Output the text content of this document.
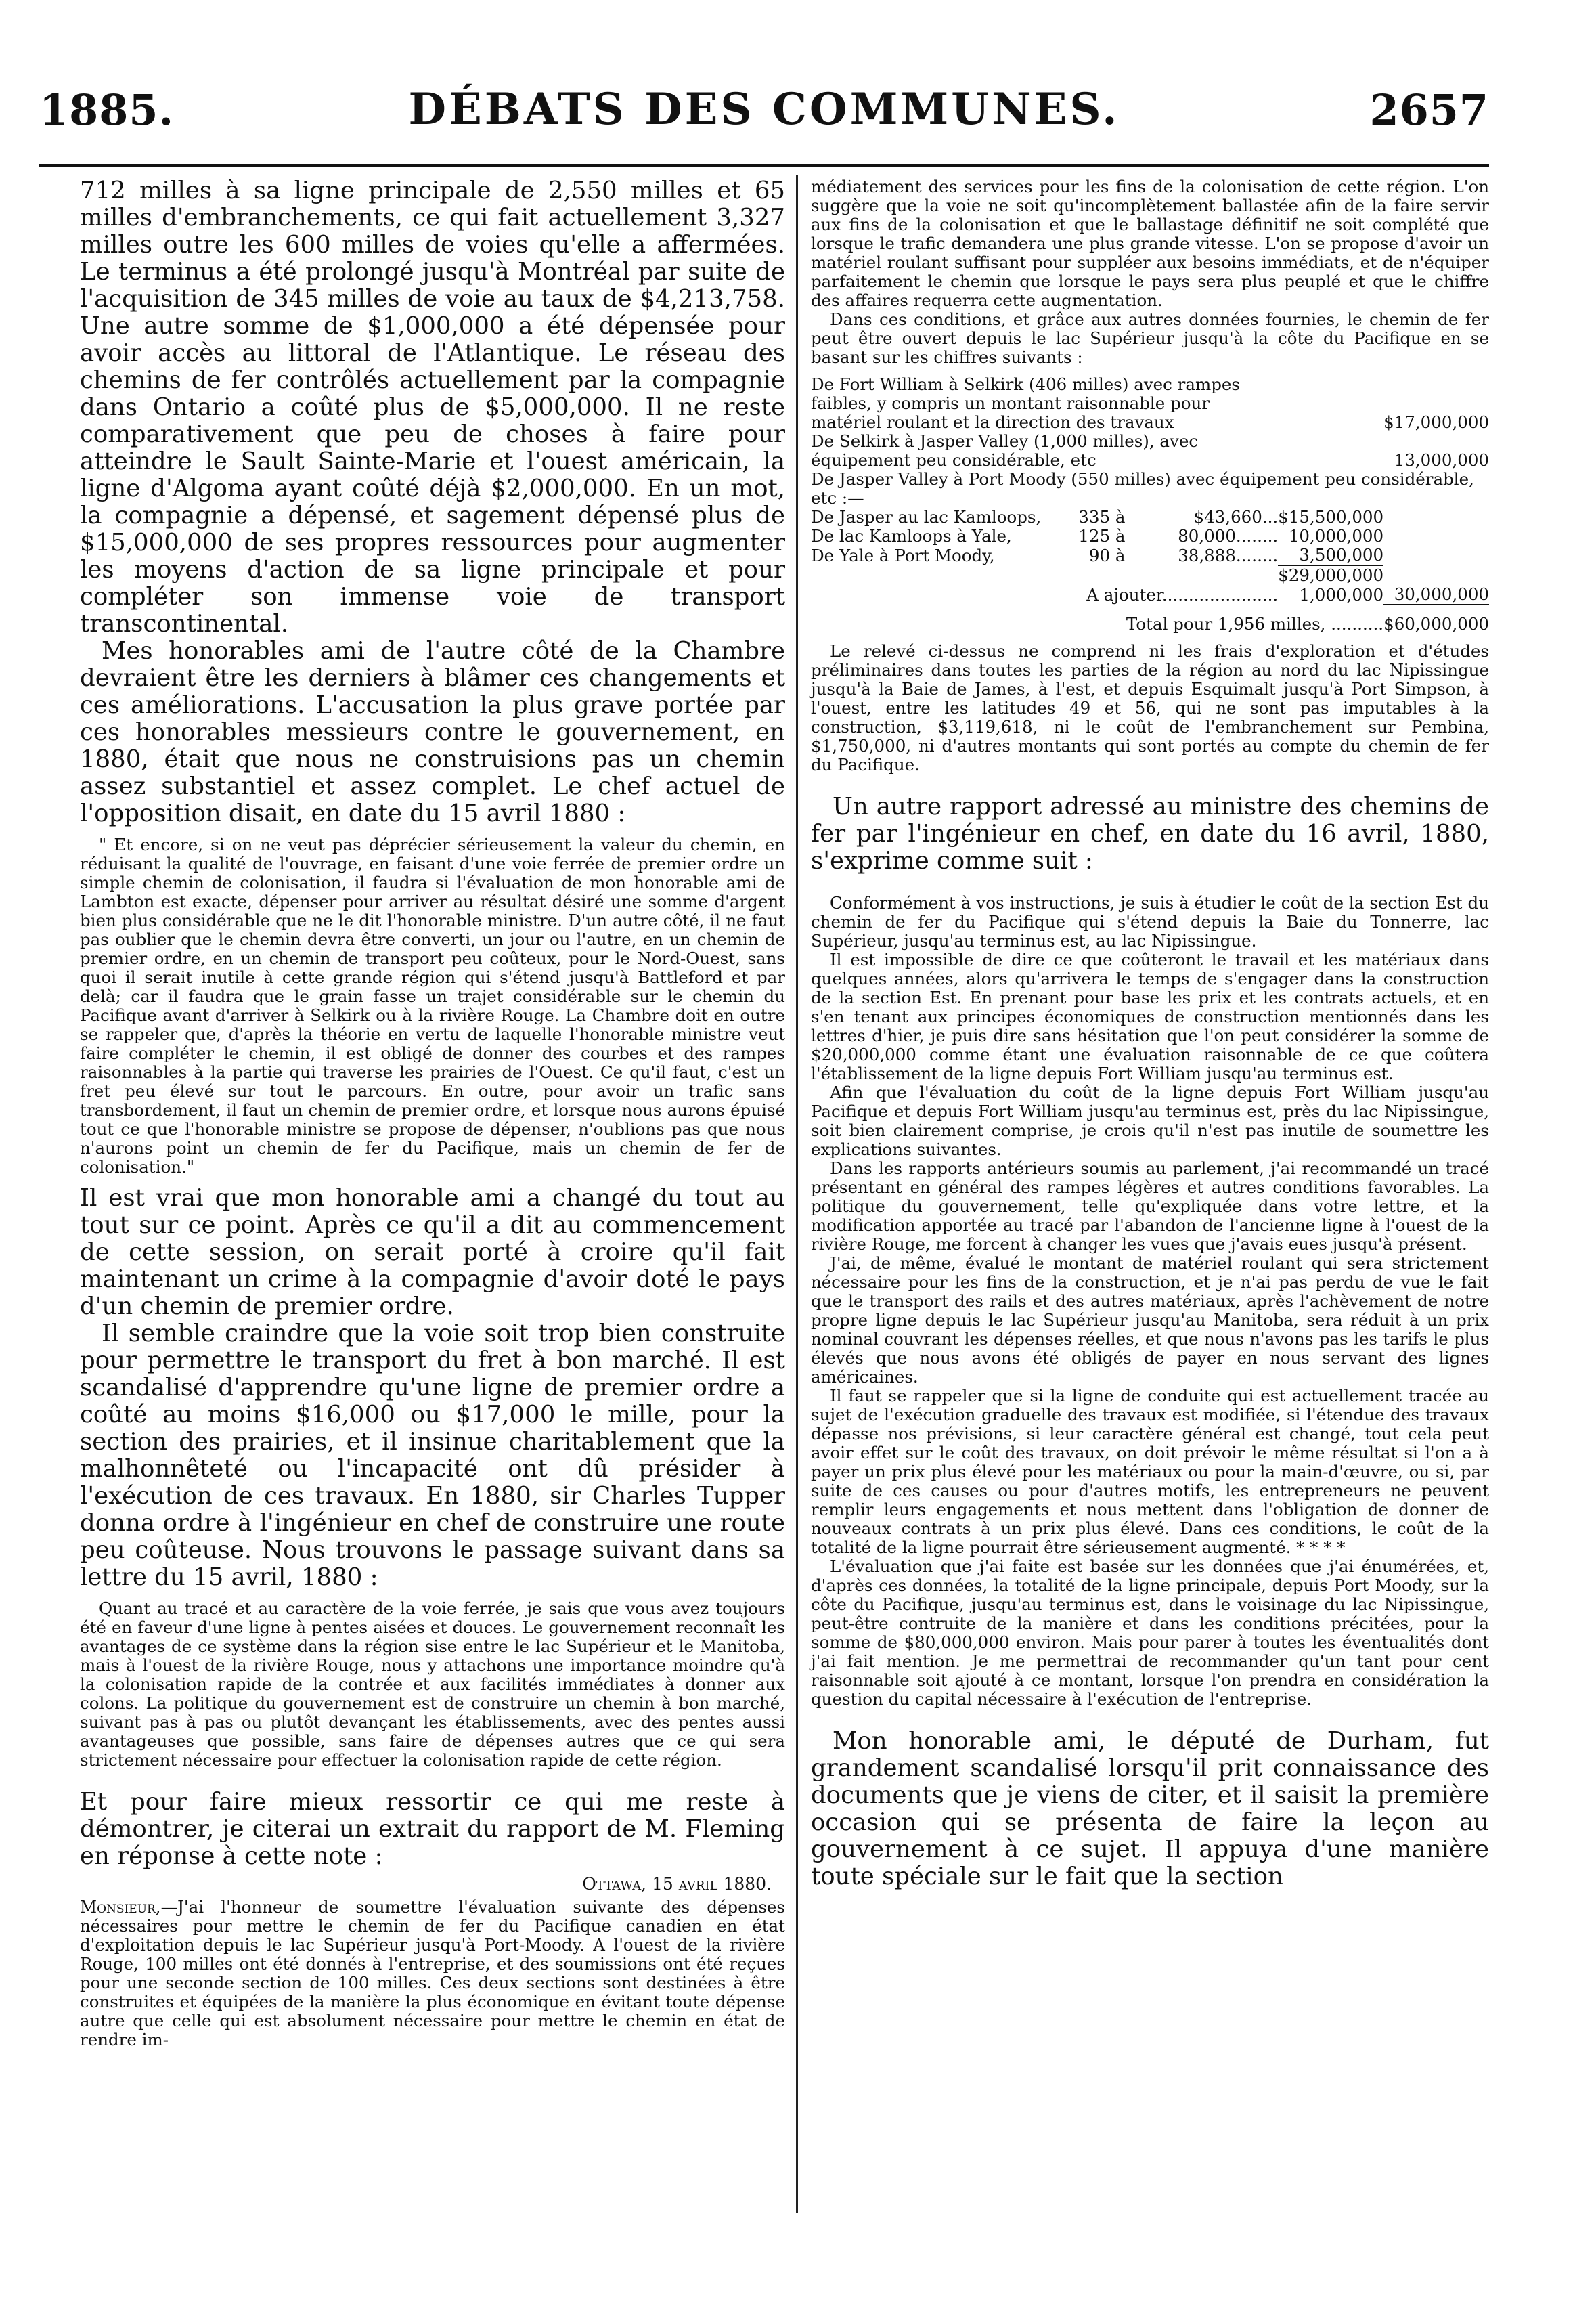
1885.	DÉBATS DES COMMUNES.	2657

712 milles à sa ligne principale de 2,550 milles et 65 milles d'embranchements, ce qui fait actuellement 3,327 milles outre les 600 milles de voies qu'elle a affermées. Le terminus a été prolongé jusqu'à Montréal par suite de l'acquisition de 345 milles de voie au taux de $4,213,758. Une autre somme de $1,000,000 a été dépensée pour avoir accès au littoral de l'Atlantique. Le réseau des chemins de fer contrôlés actuellement par la compagnie dans Ontario a coûté plus de $5,000,000. Il ne reste comparativement que peu de choses à faire pour atteindre le Sault Sainte-Marie et l'ouest américain, la ligne d'Algoma ayant coûté déjà $2,000,000. En un mot, la compagnie a dépensé, et sagement dépensé plus de $15,000,000 de ses propres ressources pour augmenter les moyens d'action de sa ligne principale et pour compléter son immense voie de transport transcontinental.

Mes honorables ami de l'autre côté de la Chambre devraient être les derniers à blâmer ces changements et ces améliorations. L'accusation la plus grave portée par ces honorables messieurs contre le gouvernement, en 1880, était que nous ne construisions pas un chemin assez substantiel et assez complet. Le chef actuel de l'opposition disait, en date du 15 avril 1880 :

" Et encore, si on ne veut pas déprécier sérieusement la valeur du chemin, en réduisant la qualité de l'ouvrage, en faisant d'une voie ferrée de premier ordre un simple chemin de colonisation, il faudra si l'évaluation de mon honorable ami de Lambton est exacte, dépenser pour arriver au résultat désiré une somme d'argent bien plus considérable que ne le dit l'honorable ministre. D'un autre côté, il ne faut pas oublier que le chemin devra être converti, un jour ou l'autre, en un chemin de premier ordre, en un chemin de transport peu coûteux, pour le Nord-Ouest, sans quoi il serait inutile à cette grande région qui s'étend jusqu'à Battleford et par delà; car il faudra que le grain fasse un trajet considérable sur le chemin du Pacifique avant d'arriver à Selkirk ou à la rivière Rouge. La Chambre doit en outre se rappeler que, d'après la théorie en vertu de laquelle l'honorable ministre veut faire compléter le chemin, il est obligé de donner des courbes et des rampes raisonnables à la partie qui traverse les prairies de l'Ouest. Ce qu'il faut, c'est un fret peu élevé sur tout le parcours. En outre, pour avoir un trafic sans transbordement, il faut un chemin de premier ordre, et lorsque nous aurons épuisé tout ce que l'honorable ministre se propose de dépenser, n'oublions pas que nous n'aurons point un chemin de fer du Pacifique, mais un chemin de fer de colonisation."

Il est vrai que mon honorable ami a changé du tout au tout sur ce point. Après ce qu'il a dit au commencement de cette session, on serait porté à croire qu'il fait maintenant un crime à la compagnie d'avoir doté le pays d'un chemin de premier ordre.

Il semble craindre que la voie soit trop bien construite pour permettre le transport du fret à bon marché. Il est scandalisé d'apprendre qu'une ligne de premier ordre a coûté au moins $16,000 ou $17,000 le mille, pour la section des prairies, et il insinue charitablement que la malhonnêteté ou l'incapacité ont dû présider à l'exécution de ces travaux. En 1880, sir Charles Tupper donna ordre à l'ingénieur en chef de construire une route peu coûteuse. Nous trouvons le passage suivant dans sa lettre du 15 avril, 1880 :

Quant au tracé et au caractère de la voie ferrée, je sais que vous avez toujours été en faveur d'une ligne à pentes aisées et douces. Le gouvernement reconnaît les avantages de ce système dans la région sise entre le lac Supérieur et le Manitoba, mais à l'ouest de la rivière Rouge, nous y attachons une importance moindre qu'à la colonisation rapide de la contrée et aux facilités immédiates à donner aux colons. La politique du gouvernement est de construire un chemin à bon marché, suivant pas à pas ou plutôt devançant les établissements, avec des pentes aussi avantageuses que possible, sans faire de dépenses autres que ce qui sera strictement nécessaire pour effectuer la colonisation rapide de cette région.

Et pour faire mieux ressortir ce qui me reste à démontrer, je citerai un extrait du rapport de M. Fleming en réponse à cette note :

Ottawa, 15 avril 1880.

Monsieur,—J'ai l'honneur de soumettre l'évaluation suivante des dépenses nécessaires pour mettre le chemin de fer du Pacifique canadien en état d'exploitation depuis le lac Supérieur jusqu'à Port-Moody. A l'ouest de la rivière Rouge, 100 milles ont été donnés à l'entreprise, et des soumissions ont été reçues pour une seconde section de 100 milles. Ces deux sections sont destinées à être construites et équipées de la manière la plus économique en évitant toute dépense autre que celle qui est absolument nécessaire pour mettre le chemin en état de rendre im-

médiatement des services pour les fins de la colonisation de cette région. L'on suggère que la voie ne soit qu'incomplètement ballastée afin de la faire servir aux fins de la colonisation et que le ballastage définitif ne soit complété que lorsque le trafic demandera une plus grande vitesse. L'on se propose d'avoir un matériel roulant suffisant pour suppléer aux besoins immédiats, et de n'équiper parfaitement le chemin que lorsque le pays sera plus peuplé et que le chiffre des affaires requerra cette augmentation.

Dans ces conditions, et grâce aux autres données fournies, le chemin de fer peut être ouvert depuis le lac Supérieur jusqu'à la côte du Pacifique en se basant sur les chiffres suivants :

De Fort William à Selkirk (406 milles) avec rampes faibles, y compris un montant raisonnable pour matériel roulant et la direction des travaux				$17,000,000
De Selkirk à Jasper Valley (1,000 milles), avec équipement peu considérable, etc				13,000,000
De Jasper Valley à Port Moody (550 milles) avec équipement peu considérable, etc :—				
De Jasper au lac Kamloops,	335 à	$43,660...	$15,500,000	
De lac Kamloops à Yale,	125 à	80,000........	10,000,000	
De Yale à Port Moody,	90 à	38,888........	3,500,000	
			$29,000,000	
A ajouter......................			1,000,000	30,000,000
Total pour 1,956 milles, ..........				$60,000,000

Le relevé ci-dessus ne comprend ni les frais d'exploration et d'études préliminaires dans toutes les parties de la région au nord du lac Nipissingue jusqu'à la Baie de James, à l'est, et depuis Esquimalt jusqu'à Port Simpson, à l'ouest, entre les latitudes 49 et 56, qui ne sont pas imputables à la construction, $3,119,618, ni le coût de l'embranchement sur Pembina, $1,750,000, ni d'autres montants qui sont portés au compte du chemin de fer du Pacifique.

Un autre rapport adressé au ministre des chemins de fer par l'ingénieur en chef, en date du 16 avril, 1880, s'exprime comme suit :

Conformément à vos instructions, je suis à étudier le coût de la section Est du chemin de fer du Pacifique qui s'étend depuis la Baie du Tonnerre, lac Supérieur, jusqu'au terminus est, au lac Nipissingue.

Il est impossible de dire ce que coûteront le travail et les matériaux dans quelques années, alors qu'arrivera le temps de s'engager dans la construction de la section Est. En prenant pour base les prix et les contrats actuels, et en s'en tenant aux principes économiques de construction mentionnés dans les lettres d'hier, je puis dire sans hésitation que l'on peut considérer la somme de $20,000,000 comme étant une évaluation raisonnable de ce que coûtera l'établissement de la ligne depuis Fort William jusqu'au terminus est.

Afin que l'évaluation du coût de la ligne depuis Fort William jusqu'au Pacifique et depuis Fort William jusqu'au terminus est, près du lac Nipissingue, soit bien clairement comprise, je crois qu'il n'est pas inutile de soumettre les explications suivantes.

Dans les rapports antérieurs soumis au parlement, j'ai recommandé un tracé présentant en général des rampes légères et autres conditions favorables. La politique du gouvernement, telle qu'expliquée dans votre lettre, et la modification apportée au tracé par l'abandon de l'ancienne ligne à l'ouest de la rivière Rouge, me forcent à changer les vues que j'avais eues jusqu'à présent.

J'ai, de même, évalué le montant de matériel roulant qui sera strictement nécessaire pour les fins de la construction, et je n'ai pas perdu de vue le fait que le transport des rails et des autres matériaux, après l'achèvement de notre propre ligne depuis le lac Supérieur jusqu'au Manitoba, sera réduit à un prix nominal couvrant les dépenses réelles, et que nous n'avons pas les tarifs le plus élevés que nous avons été obligés de payer en nous servant des lignes américaines.

Il faut se rappeler que si la ligne de conduite qui est actuellement tracée au sujet de l'exécution graduelle des travaux est modifiée, si l'étendue des travaux dépasse nos prévisions, si leur caractère général est changé, tout cela peut avoir effet sur le coût des travaux, on doit prévoir le même résultat si l'on a à payer un prix plus élevé pour les matériaux ou pour la main-d'œuvre, ou si, par suite de ces causes ou pour d'autres motifs, les entrepreneurs ne peuvent remplir leurs engagements et nous mettent dans l'obligation de donner de nouveaux contrats à un prix plus élevé. Dans ces conditions, le coût de la totalité de la ligne pourrait être sérieusement augmenté. * * * *

L'évaluation que j'ai faite est basée sur les données que j'ai énumérées, et, d'après ces données, la totalité de la ligne principale, depuis Port Moody, sur la côte du Pacifique, jusqu'au terminus est, dans le voisinage du lac Nipissingue, peut-être contruite de la manière et dans les conditions précitées, pour la somme de $80,000,000 environ. Mais pour parer à toutes les éventualités dont j'ai fait mention. Je me permettrai de recommander qu'un tant pour cent raisonnable soit ajouté à ce montant, lorsque l'on prendra en considération la question du capital nécessaire à l'exécution de l'entreprise.

Mon honorable ami, le député de Durham, fut grandement scandalisé lorsqu'il prit connaissance des documents que je viens de citer, et il saisit la première occasion qui se présenta de faire la leçon au gouvernement à ce sujet. Il appuya d'une manière toute spéciale sur le fait que la section
